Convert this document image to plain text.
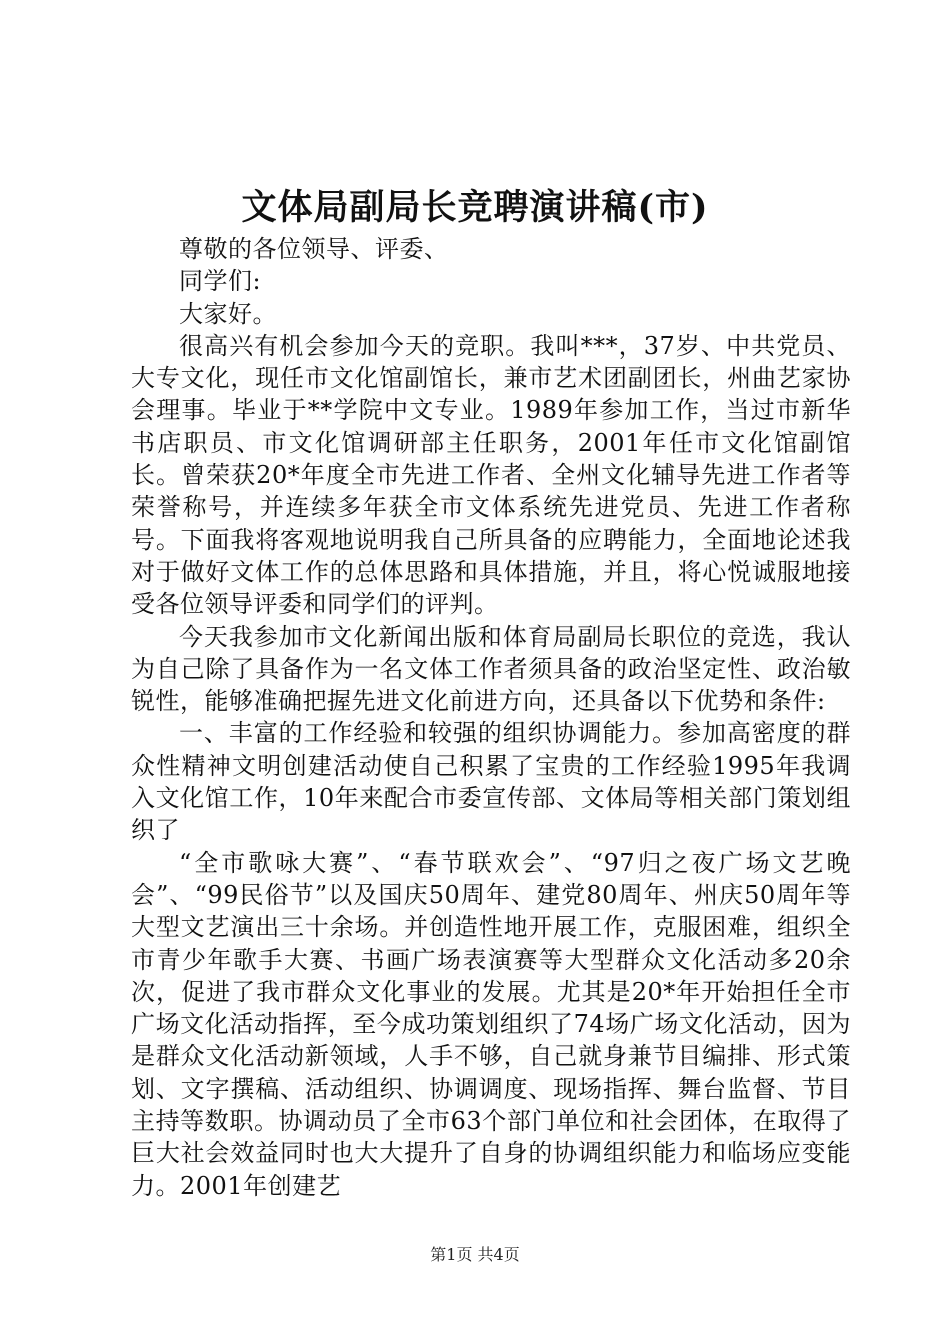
文体局副局长竞聘演讲稿(市)

尊敬的各位领导、评委、

同学们:

大家好。

很高兴有机会参加今天的竞职。我叫***，37岁、中共党员、大专文化，现任市文化馆副馆长，兼市艺术团副团长，州曲艺家协会理事。毕业于**学院中文专业。1989年参加工作，当过市新华书店职员、市文化馆调研部主任职务，2001年任市文化馆副馆长。曾荣获20*年度全市先进工作者、全州文化辅导先进工作者等荣誉称号，并连续多年获全市文体系统先进党员、先进工作者称号。下面我将客观地说明我自己所具备的应聘能力，全面地论述我对于做好文体工作的总体思路和具体措施，并且，将心悦诚服地接受各位领导评委和同学们的评判。

今天我参加市文化新闻出版和体育局副局长职位的竞选，我认为自己除了具备作为一名文体工作者须具备的政治坚定性、政治敏锐性，能够准确把握先进文化前进方向，还具备以下优势和条件:

一、丰富的工作经验和较强的组织协调能力。参加高密度的群众性精神文明创建活动使自己积累了宝贵的工作经验1995年我调入文化馆工作，10年来配合市委宣传部、文体局等相关部门策划组织了

“全市歌咏大赛”、“春节联欢会”、“97归之夜广场文艺晚会”、“99民俗节”以及国庆50周年、建党80周年、州庆50周年等大型文艺演出三十余场。并创造性地开展工作，克服困难，组织全市青少年歌手大赛、书画广场表演赛等大型群众文化活动多20余次，促进了我市群众文化事业的发展。尤其是20*年开始担任全市广场文化活动指挥，至今成功策划组织了74场广场文化活动，因为是群众文化活动新领域，人手不够，自己就身兼节目编排、形式策划、文字撰稿、活动组织、协调调度、现场指挥、舞台监督、节目主持等数职。协调动员了全市63个部门单位和社会团体，在取得了巨大社会效益同时也大大提升了自身的协调组织能力和临场应变能力。2001年创建艺

第1页 共4页
